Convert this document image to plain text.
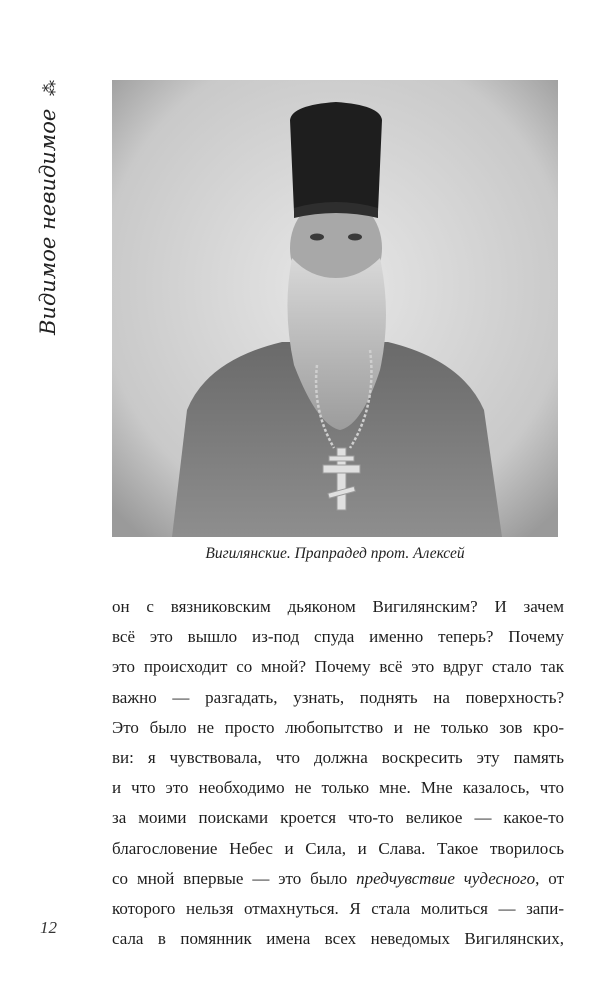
Видимое невидимое ⁂
Вигилянские. Прапрадед прот. Алексей
он с вязниковским дьяконом Вигилянским? И зачем
всё это вышло из-под спуда именно теперь? Почему
это происходит со мной? Почему всё это вдруг стало так
важно — разгадать, узнать, поднять на поверхность?
Это было не просто любопытство и не только зов кро-
ви: я чувствовала, что должна воскресить эту память
и что это необходимо не только мне. Мне казалось, что
за моими поисками кроется что-то великое — какое-то
благословение Небес и Сила, и Слава. Такое творилось
со мной впервые — это было предчувствие чудесного, от
которого нельзя отмахнуться. Я стала молиться — запи-
сала в помянник имена всех неведомых Вигилянских,
12
